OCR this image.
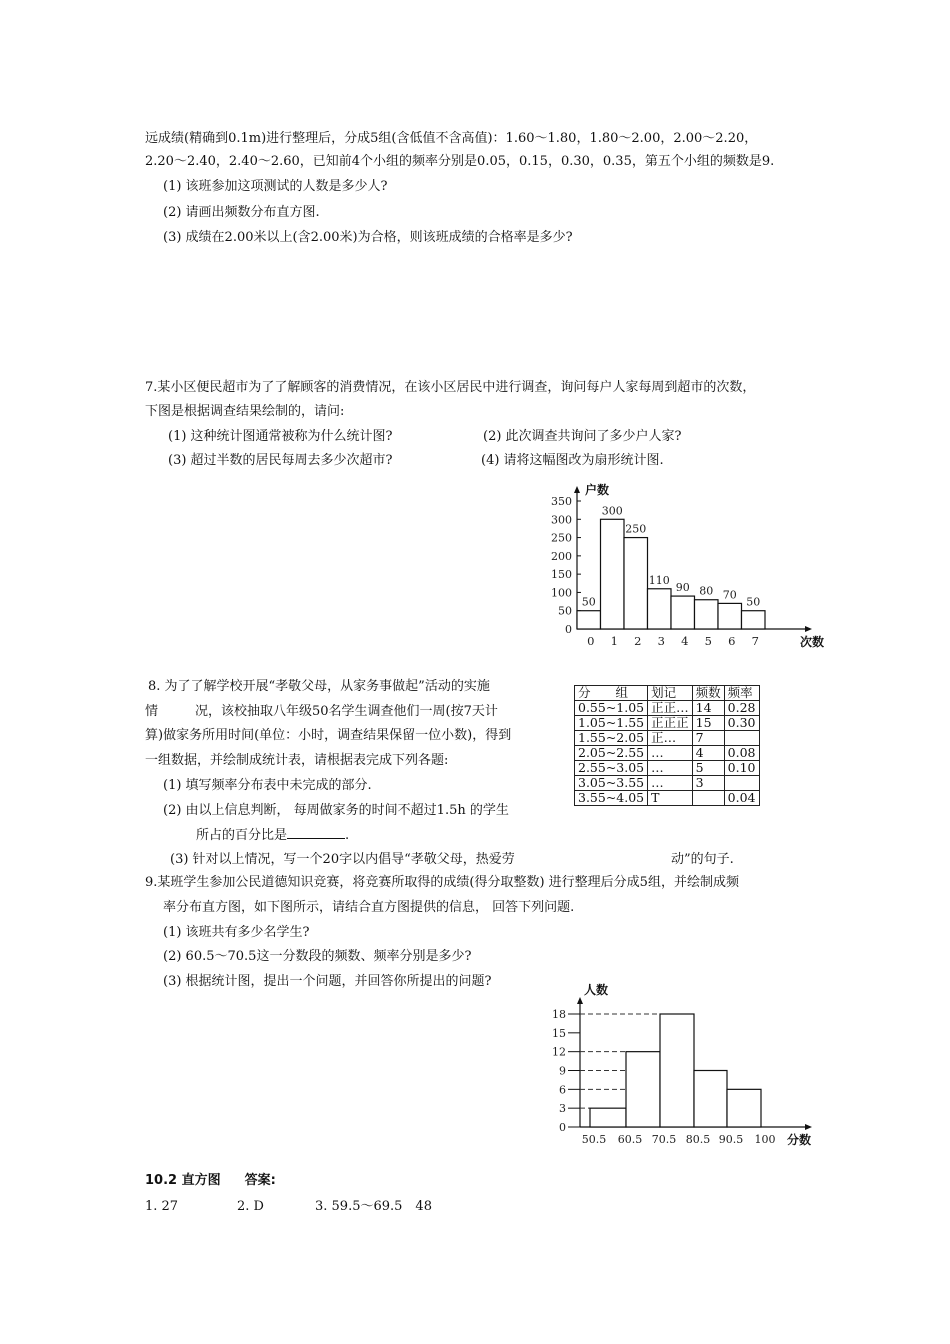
远成绩(精确到0.1m)进行整理后，分成5组(含低值不含高值)：1.60～1.80，1.80～2.00，2.00～2.20，
2.20～2.40，2.40～2.60，已知前4个小组的频率分别是0.05，0.15，0.30，0.35，第五个小组的频数是9.
(1) 该班参加这项测试的人数是多少人?
(2) 请画出频数分布直方图.
(3) 成绩在2.00米以上(含2.00米)为合格，则该班成绩的合格率是多少?
7.某小区便民超市为了了解顾客的消费情况，在该小区居民中进行调查，询问每户人家每周到超市的次数，
下图是根据调查结果绘制的，请问:
(1) 这种统计图通常被称为什么统计图?	(2) 此次调查共询问了多少户人家?
(3) 超过半数的居民每周去多少次超市?	(4) 请将这幅图改为扇形统计图.
0
50
100
150
200
250
300
350
户数
50
0
300
1
250
2
110
3
90
4
80
5
70
6
50
7	次数
8. 为了了解学校开展“孝敬父母，从家务事做起”活动的实施
情	况，该校抽取八年级50名学生调查他们一周(按7天计
算)做家务所用时间(单位：小时，调查结果保留一位小数)，得到
一组数据，并绘制成统计表，请根据表完成下列各题:
(1) 填写频率分布表中未完成的部分.
(2) 由以上信息判断， 每周做家务的时间不超过1.5h 的学生
所占的百分比是	.
(3) 针对以上情况，写一个20字以内倡导“孝敬父母，热爱劳	动”的句子.
分　　组	划记	频数	频率
0.55~1.05	正正…	14	0.28
1.05~1.55	正正正	15	0.30
1.55~2.05	正…	7	
2.05~2.55	…	4	0.08
2.55~3.05	…	5	0.10
3.05~3.55	…	3	
3.55~4.05	T		0.04
9.某班学生参加公民道德知识竞赛，将竞赛所取得的成绩(得分取整数) 进行整理后分成5组，并绘制成频
率分布直方图，如下图所示，请结合直方图提供的信息， 回答下列问题.
(1) 该班共有多少名学生?
(2) 60.5～70.5这一分数段的频数、频率分别是多少?
(3) 根据统计图，提出一个问题，并回答你所提出的问题?
人数
0
3
6
9
12
15
18
50.5 60.5 70.5 80.5 90.5 100 分数
10.2 直方图 答案:
1. 27	2. D	3. 59.5～69.5　48
